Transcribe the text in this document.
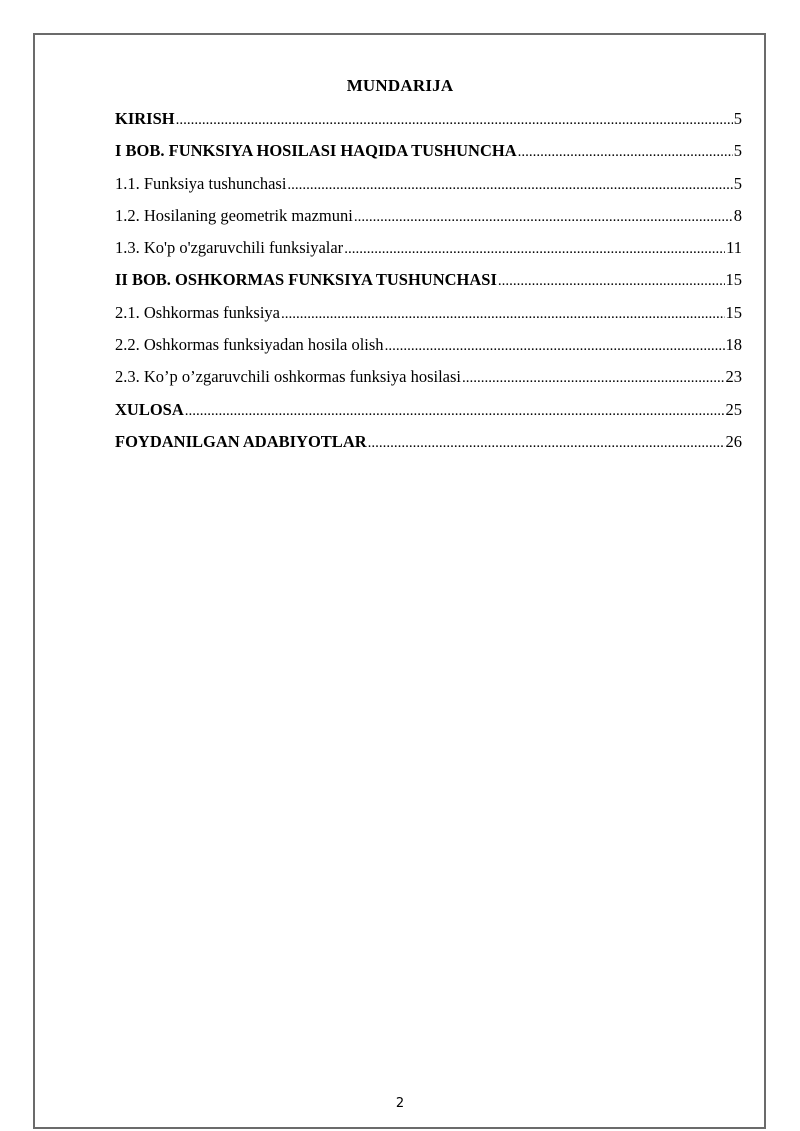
MUNDARIJA
KIRISH .....	5
I BOB. FUNKSIYA HOSILASI HAQIDA TUSHUNCHA .....	5
1.1. Funksiya tushunchasi .....	5
1.2. Hosilaning geometrik mazmuni .....	8
1.3. Ko'p o'zgaruvchili funksiyalar .....	11
II BOB. OSHKORMAS FUNKSIYA TUSHUNCHASI .....	15
2.1. Oshkormas funksiya .....	15
2.2. Oshkormas funksiyadan hosila olish .....	18
2.3. Ko’p o’zgaruvchili oshkormas funksiya hosilasi .....	23
XULOSA .....	25
FOYDANILGAN ADABIYOTLAR .....	26
2
